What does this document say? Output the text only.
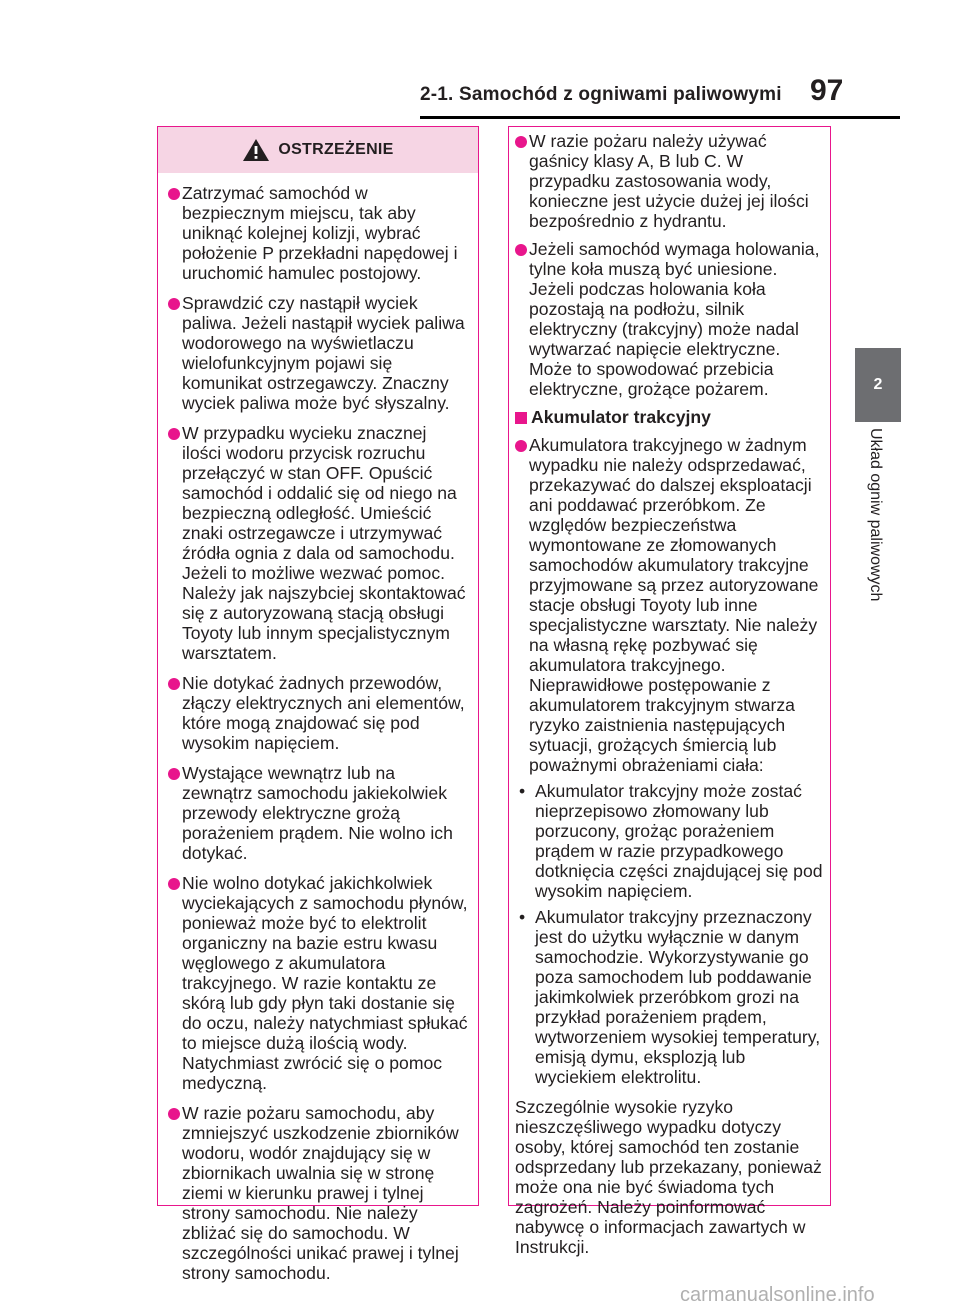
2-1. Samochód z ogniwami paliwowymi 97
2
Układ ogniw paliwowych
OSTRZEŻENIE
Zatrzymać samochód w bezpiecznym miejscu, tak aby uniknąć kolejnej kolizji, wybrać położenie P przekładni napędowej i uruchomić hamulec postojowy.
Sprawdzić czy nastąpił wyciek paliwa. Jeżeli nastąpił wyciek paliwa wodorowego na wyświetlaczu wielofunkcyjnym pojawi się komunikat ostrzegawczy. Znaczny wyciek paliwa może być słyszalny.
W przypadku wycieku znacznej ilości wodoru przycisk rozruchu przełączyć w stan OFF. Opuścić samochód i oddalić się od niego na bezpieczną odległość. Umieścić znaki ostrzegawcze i utrzymywać źródła ognia z dala od samochodu. Jeżeli to możliwe wezwać pomoc. Należy jak najszybciej skontaktować się z autoryzowaną stacją obsługi Toyoty lub innym specjalistycznym warsztatem.
Nie dotykać żadnych przewodów, złączy elektrycznych ani elementów, które mogą znajdować się pod wysokim napięciem.
Wystające wewnątrz lub na zewnątrz samochodu jakiekolwiek przewody elektryczne grożą porażeniem prądem. Nie wolno ich dotykać.
Nie wolno dotykać jakichkolwiek wyciekających z samochodu płynów, ponieważ może być to elektrolit organiczny na bazie estru kwasu węglowego z akumulatora trakcyjnego. W razie kontaktu ze skórą lub gdy płyn taki dostanie się do oczu, należy natychmiast spłukać to miejsce dużą ilością wody. Natychmiast zwrócić się o pomoc medyczną.
W razie pożaru samochodu, aby zmniejszyć uszkodzenie zbiorników wodoru, wodór znajdujący się w zbiornikach uwalnia się w stronę ziemi w kierunku prawej i tylnej strony samochodu. Nie należy zbliżać się do samochodu. W szczególności unikać prawej i tylnej strony samochodu.
W razie pożaru należy używać gaśnicy klasy A, B lub C. W przypadku zastosowania wody, konieczne jest użycie dużej jej ilości bezpośrednio z hydrantu.
Jeżeli samochód wymaga holowania, tylne koła muszą być uniesione. Jeżeli podczas holowania koła pozostają na podłożu, silnik elektryczny (trakcyjny) może nadal wytwarzać napięcie elektryczne. Może to spowodować przebicia elektryczne, grożące pożarem.
Akumulator trakcyjny
Akumulatora trakcyjnego w żadnym wypadku nie należy odsprzedawać, przekazywać do dalszej eksploatacji ani poddawać przeróbkom. Ze względów bezpieczeństwa wymontowane ze złomowanych samochodów akumulatory trakcyjne przyjmowane są przez autoryzowane stacje obsługi Toyoty lub inne specjalistyczne warsztaty. Nie należy na własną rękę pozbywać się akumulatora trakcyjnego. Nieprawidłowe postępowanie z akumulatorem trakcyjnym stwarza ryzyko zaistnienia następujących sytuacji, grożących śmiercią lub poważnymi obrażeniami ciała:
• Akumulator trakcyjny może zostać nieprzepisowo złomowany lub porzucony, grożąc porażeniem prądem w razie przypadkowego dotknięcia części znajdującej się pod wysokim napięciem.
• Akumulator trakcyjny przeznaczony jest do użytku wyłącznie w danym samochodzie. Wykorzystywanie go poza samochodem lub poddawanie jakimkolwiek przeróbkom grozi na przykład porażeniem prądem, wytworzeniem wysokiej temperatury, emisją dymu, eksplozją lub wyciekiem elektrolitu.
Szczególnie wysokie ryzyko nieszczęśliwego wypadku dotyczy osoby, której samochód ten zostanie odsprzedany lub przekazany, ponieważ może ona nie być świadoma tych zagrożeń. Należy poinformować nabywcę o informacjach zawartych w Instrukcji.
carmanualsonline.info
